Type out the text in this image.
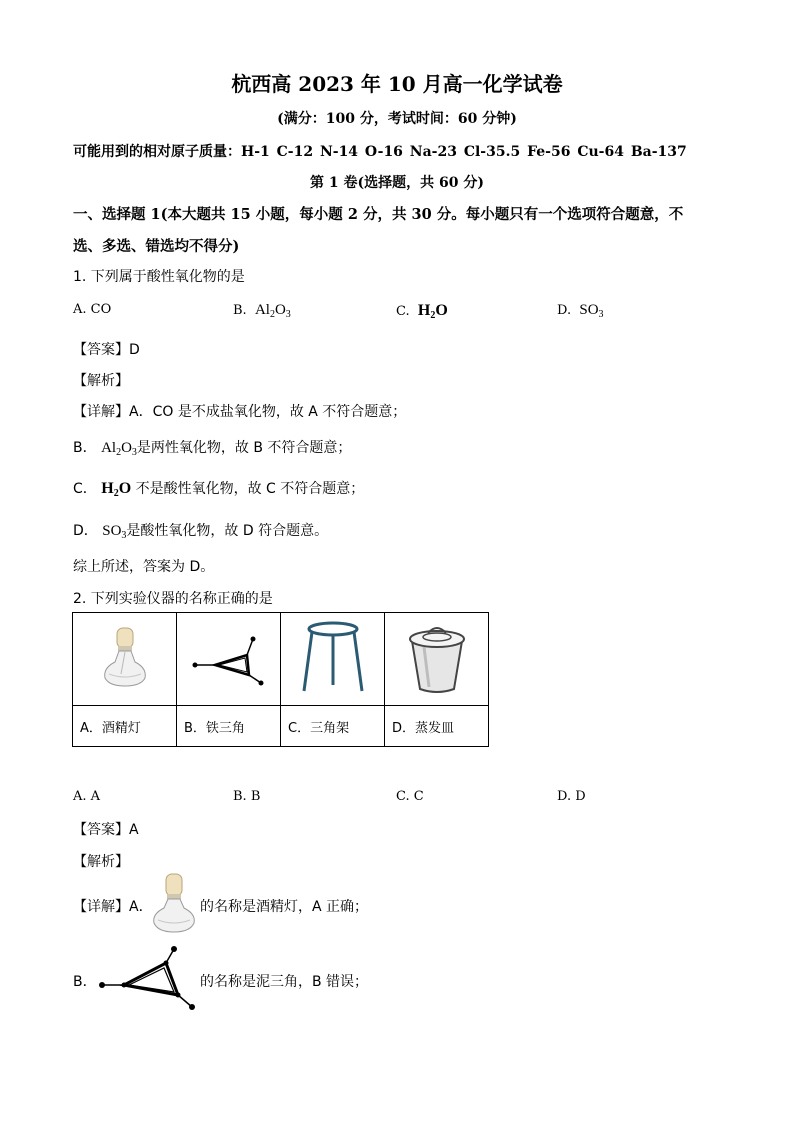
杭西高 2023 年 10 月高一化学试卷
(满分：100 分，考试时间：60 分钟)
可能用到的相对原子质量：H-1 C-12 N-14 O-16 Na-23 Cl-35.5 Fe-56 Cu-64 Ba-137
第 1 卷(选择题，共 60 分)
一、选择题 1(本大题共 15 小题，每小题 2 分，共 30 分。每小题只有一个选项符合题意，不
选、多选、错选均不得分)
1. 下列属于酸性氧化物的是
A. CO	B. $Al_2O_3$	C. $H_2O$	D. $SO_3$
【答案】D
【解析】
【详解】A．CO 是不成盐氧化物，故 A 不符合题意；
B． $Al_2O_3$是两性氧化物，故 B 不符合题意；
C． $H_2O$ 不是酸性氧化物，故 C 不符合题意；
D． $SO_3$是酸性氧化物，故 D 符合题意。
综上所述，答案为 D。
2. 下列实验仪器的名称正确的是

A．酒精灯	B．铁三角	C．三角架	D．蒸发皿
A. A	B. B	C. C	D. D
【答案】A
【解析】
【详解】A．	的名称是酒精灯，A 正确；
B．	的名称是泥三角，B 错误；
